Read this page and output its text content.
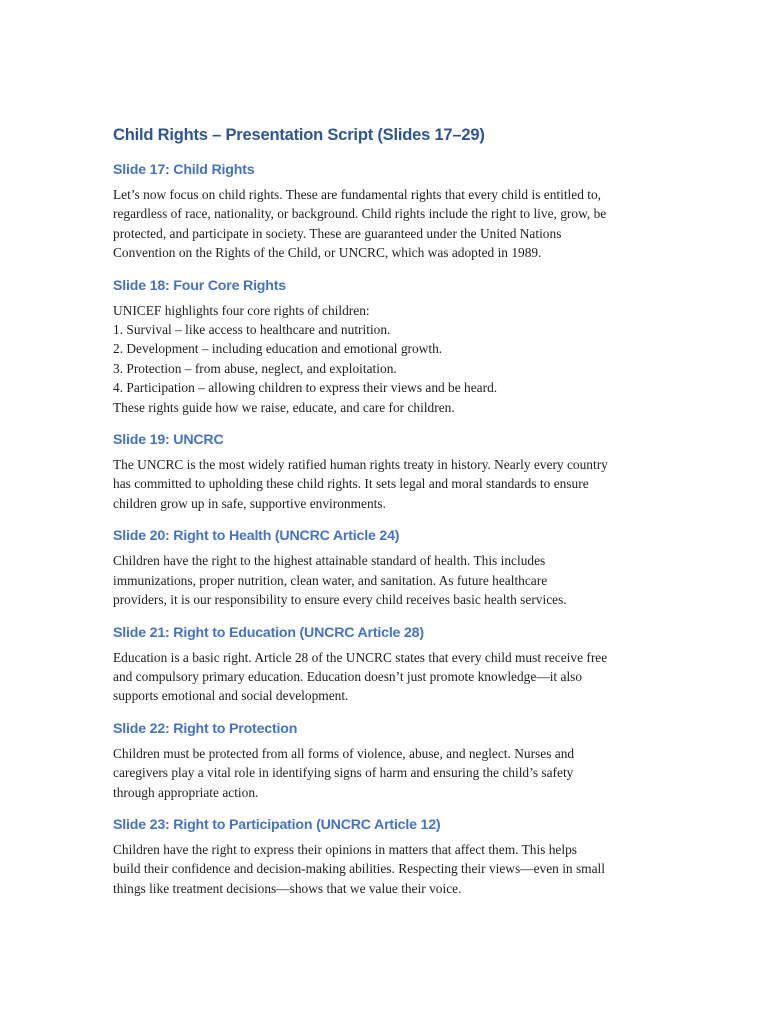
Child Rights – Presentation Script (Slides 17–29)
Slide 17: Child Rights

Let’s now focus on child rights. These are fundamental rights that every child is entitled to,
regardless of race, nationality, or background. Child rights include the right to live, grow, be
protected, and participate in society. These are guaranteed under the United Nations
Convention on the Rights of the Child, or UNCRC, which was adopted in 1989.

Slide 18: Four Core Rights

UNICEF highlights four core rights of children:
1. Survival – like access to healthcare and nutrition.
2. Development – including education and emotional growth.
3. Protection – from abuse, neglect, and exploitation.
4. Participation – allowing children to express their views and be heard.
These rights guide how we raise, educate, and care for children.

Slide 19: UNCRC

The UNCRC is the most widely ratified human rights treaty in history. Nearly every country
has committed to upholding these child rights. It sets legal and moral standards to ensure
children grow up in safe, supportive environments.

Slide 20: Right to Health (UNCRC Article 24)

Children have the right to the highest attainable standard of health. This includes
immunizations, proper nutrition, clean water, and sanitation. As future healthcare
providers, it is our responsibility to ensure every child receives basic health services.

Slide 21: Right to Education (UNCRC Article 28)

Education is a basic right. Article 28 of the UNCRC states that every child must receive free
and compulsory primary education. Education doesn’t just promote knowledge—it also
supports emotional and social development.

Slide 22: Right to Protection

Children must be protected from all forms of violence, abuse, and neglect. Nurses and
caregivers play a vital role in identifying signs of harm and ensuring the child’s safety
through appropriate action.

Slide 23: Right to Participation (UNCRC Article 12)

Children have the right to express their opinions in matters that affect them. This helps
build their confidence and decision-making abilities. Respecting their views—even in small
things like treatment decisions—shows that we value their voice.
